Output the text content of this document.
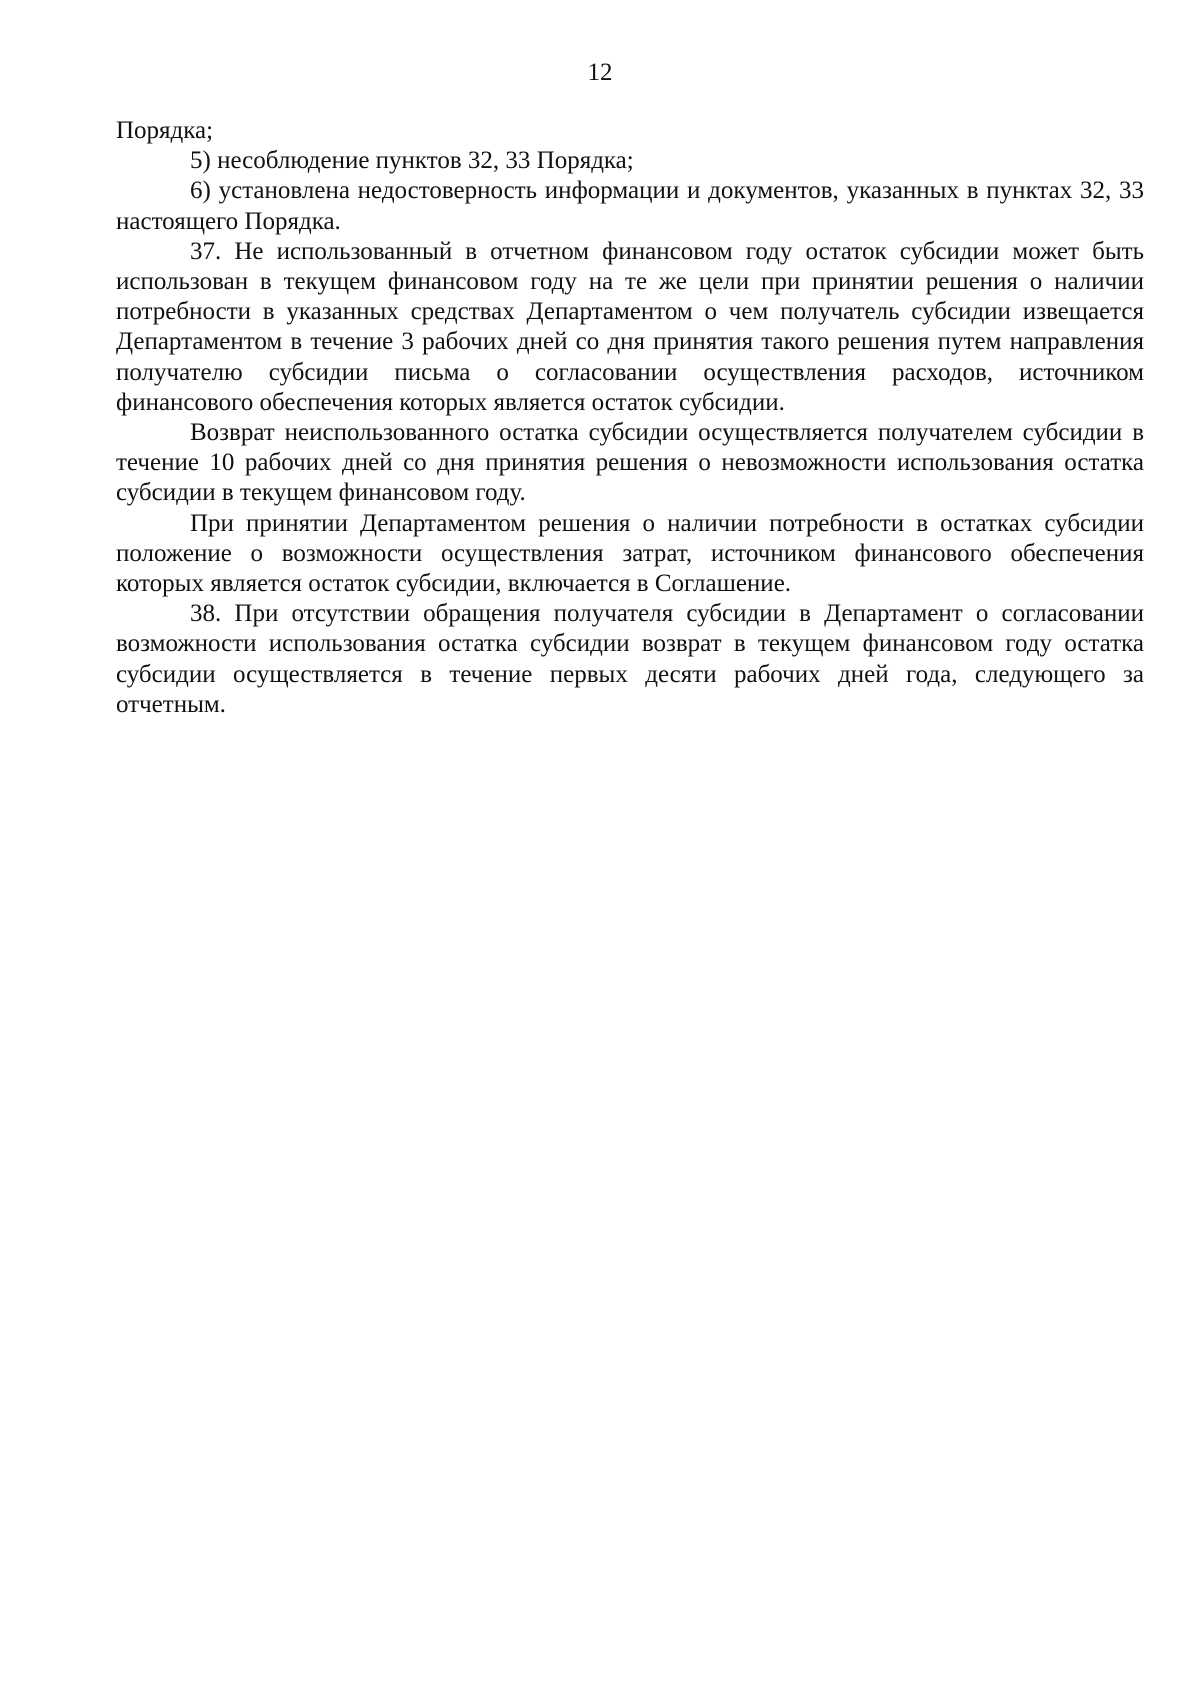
12

Порядка;

5) несоблюдение пунктов 32, 33 Порядка;

6) установлена недостоверность информации и документов, указанных в пунктах 32, 33 настоящего Порядка.

37. Не использованный в отчетном финансовом году остаток субсидии может быть использован в текущем финансовом году на те же цели при принятии решения о наличии потребности в указанных средствах Департаментом о чем получатель субсидии извещается Департаментом в течение 3 рабочих дней со дня принятия такого решения путем направления получателю субсидии письма о согласовании осуществления расходов, источником финансового обеспечения которых является остаток субсидии.

Возврат неиспользованного остатка субсидии осуществляется получателем субсидии в течение 10 рабочих дней со дня принятия решения о невозможности использования остатка субсидии в текущем финансовом году.

При принятии Департаментом решения о наличии потребности в остатках субсидии положение о возможности осуществления затрат, источником финансового обеспечения которых является остаток субсидии, включается в Соглашение.

38. При отсутствии обращения получателя субсидии в Департамент о согласовании возможности использования остатка субсидии возврат в текущем финансовом году остатка субсидии осуществляется в течение первых десяти рабочих дней года, следующего за отчетным.
